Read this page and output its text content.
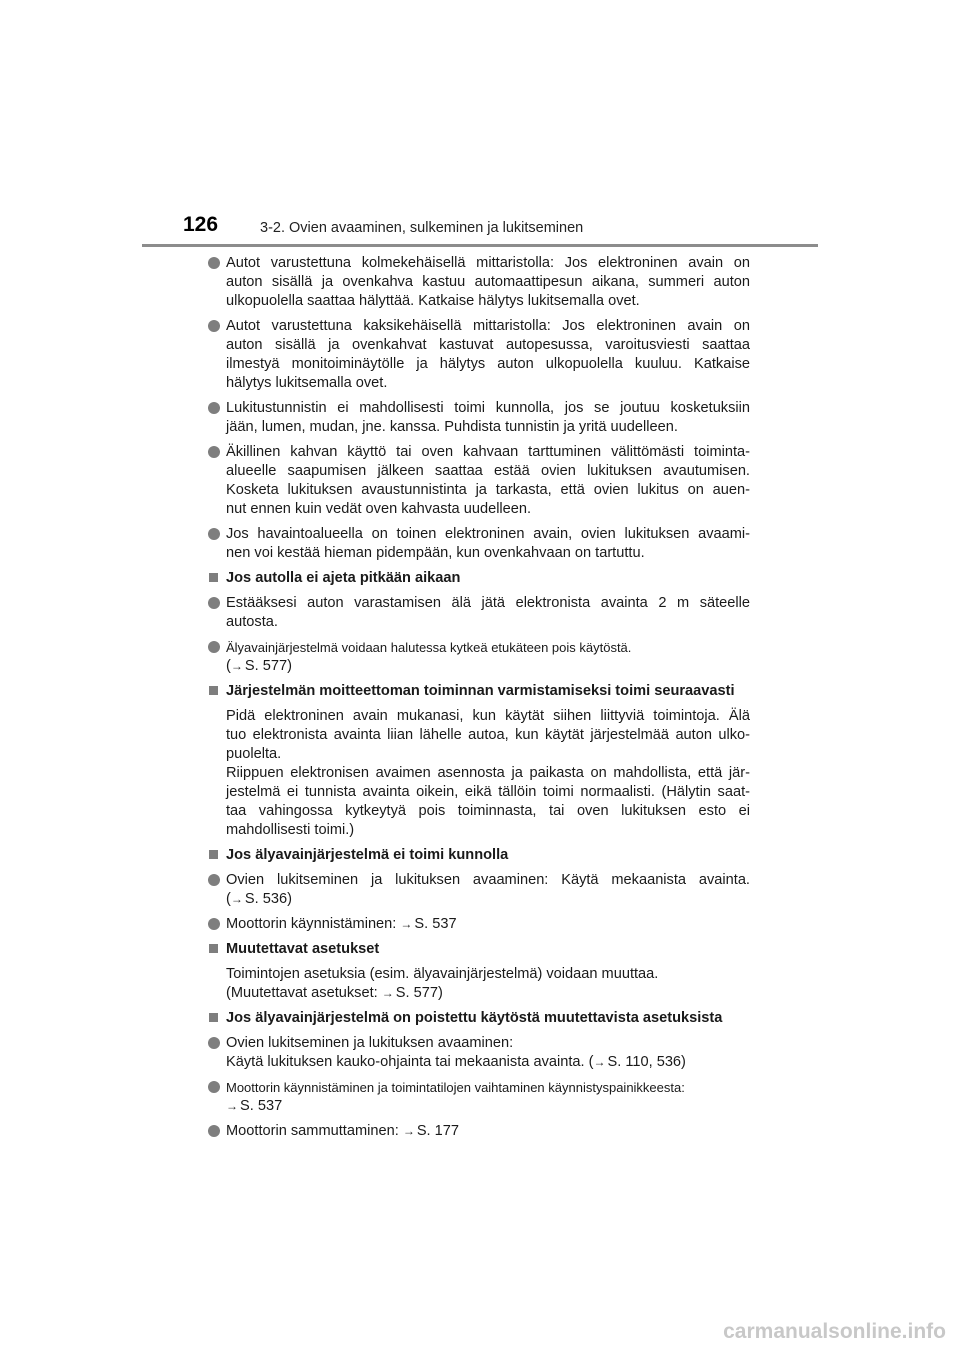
126	3-2. Ovien avaaminen, sulkeminen ja lukitseminen
Autot varustettuna kolmekehäisellä mittaristolla: Jos elektroninen avain on
auton sisällä ja ovenkahva kastuu automaattipesun aikana, summeri auton
ulkopuolella saattaa hälyttää. Katkaise hälytys lukitsemalla ovet.
Autot varustettuna kaksikehäisellä mittaristolla: Jos elektroninen avain on
auton sisällä ja ovenkahvat kastuvat autopesussa, varoitusviesti saattaa
ilmestyä monitoiminäytölle ja hälytys auton ulkopuolella kuuluu. Katkaise
hälytys lukitsemalla ovet.
Lukitustunnistin ei mahdollisesti toimi kunnolla, jos se joutuu kosketuksiin
jään, lumen, mudan, jne. kanssa. Puhdista tunnistin ja yritä uudelleen.
Äkillinen kahvan käyttö tai oven kahvaan tarttuminen välittömästi toiminta-
alueelle saapumisen jälkeen saattaa estää ovien lukituksen avautumisen.
Kosketa lukituksen avaustunnistinta ja tarkasta, että ovien lukitus on auen-
nut ennen kuin vedät oven kahvasta uudelleen.
Jos havaintoalueella on toinen elektroninen avain, ovien lukituksen avaami-
nen voi kestää hieman pidempään, kun ovenkahvaan on tartuttu.
Jos autolla ei ajeta pitkään aikaan
Estääksesi auton varastamisen älä jätä elektronista avainta 2 m säteelle
autosta.
Älyavainjärjestelmä voidaan halutessa kytkeä etukäteen pois käytöstä.
(→ S. 577)
Järjestelmän moitteettoman toiminnan varmistamiseksi toimi seuraavasti
Pidä elektroninen avain mukanasi, kun käytät siihen liittyviä toimintoja. Älä
tuo elektronista avainta liian lähelle autoa, kun käytät järjestelmää auton ulko-
puolelta.
Riippuen elektronisen avaimen asennosta ja paikasta on mahdollista, että jär-
jestelmä ei tunnista avainta oikein, eikä tällöin toimi normaalisti. (Hälytin saat-
taa vahingossa kytkeytyä pois toiminnasta, tai oven lukituksen esto ei
mahdollisesti toimi.)
Jos älyavainjärjestelmä ei toimi kunnolla
Ovien lukitseminen ja lukituksen avaaminen: Käytä mekaanista avainta.
(→ S. 536)
Moottorin käynnistäminen: → S. 537
Muutettavat asetukset
Toimintojen asetuksia (esim. älyavainjärjestelmä) voidaan muuttaa.
(Muutettavat asetukset: → S. 577)
Jos älyavainjärjestelmä on poistettu käytöstä muutettavista asetuksista
Ovien lukitseminen ja lukituksen avaaminen:
Käytä lukituksen kauko-ohjainta tai mekaanista avainta. (→ S. 110, 536)
Moottorin käynnistäminen ja toimintatilojen vaihtaminen käynnistyspainikkeesta:
→ S. 537
Moottorin sammuttaminen: → S. 177
carmanualsonline.info
